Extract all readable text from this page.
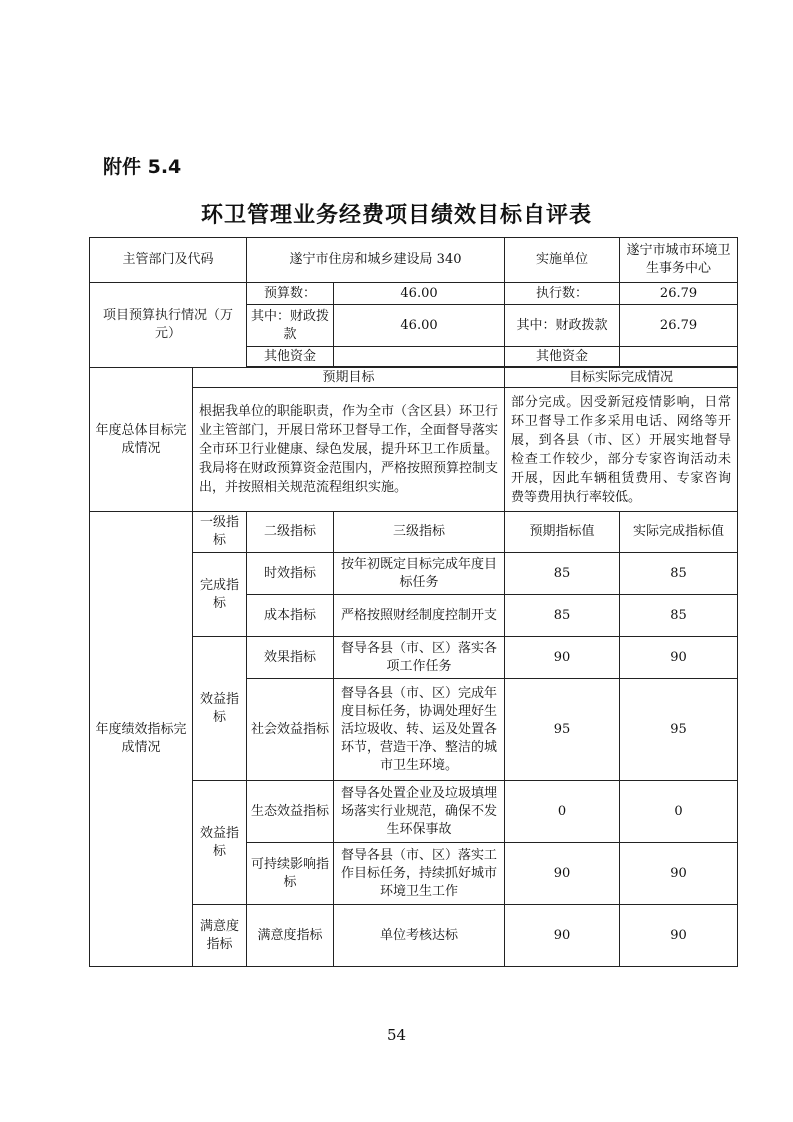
附件 5.4
环卫管理业务经费项目绩效目标自评表
主管部门及代码		遂宁市住房和城乡建设局 340		实施单位	遂宁市城市环境卫生事务中心
项目预算执行情况（万元）		预算数：	46.00	执行数：	26.79
		其中：财政拨款	46.00	其中：财政拨款	26.79
		其他资金		其他资金	

年度总体目标完成情况	预期目标			目标实际完成情况	
	根据我单位的职能职责，作为全市（含区县）环卫行业主管部门，开展日常环卫督导工作，全面督导落实全市环卫行业健康、绿色发展，提升环卫工作质量。我局将在财政预算资金范围内，严格按照预算控制支出，并按照相关规范流程组织实施。			部分完成。因受新冠疫情影响，日常环卫督导工作多采用电话、网络等开展，到各县（市、区）开展实地督导检查工作较少，部分专家咨询活动未开展，因此车辆租赁费用、专家咨询费等费用执行率较低。	
年度绩效指标完成情况	一级指标	二级指标	三级指标	预期指标值	实际完成指标值
	完成指标	时效指标	按年初既定目标完成年度目标任务	85	85
		成本指标	严格按照财经制度控制开支	85	85
	效益指标	效果指标	督导各县（市、区）落实各项工作任务	90	90
		社会效益指标	督导各县（市、区）完成年度目标任务，协调处理好生活垃圾收、转、运及处置各环节，营造干净、整洁的城市卫生环境。	95	95
	效益指标	生态效益指标	督导各处置企业及垃圾填埋场落实行业规范，确保不发生环保事故	0	0
		可持续影响指标	督导各县（市、区）落实工作目标任务，持续抓好城市环境卫生工作	90	90
	满意度指标	满意度指标	单位考核达标	90	90
54
